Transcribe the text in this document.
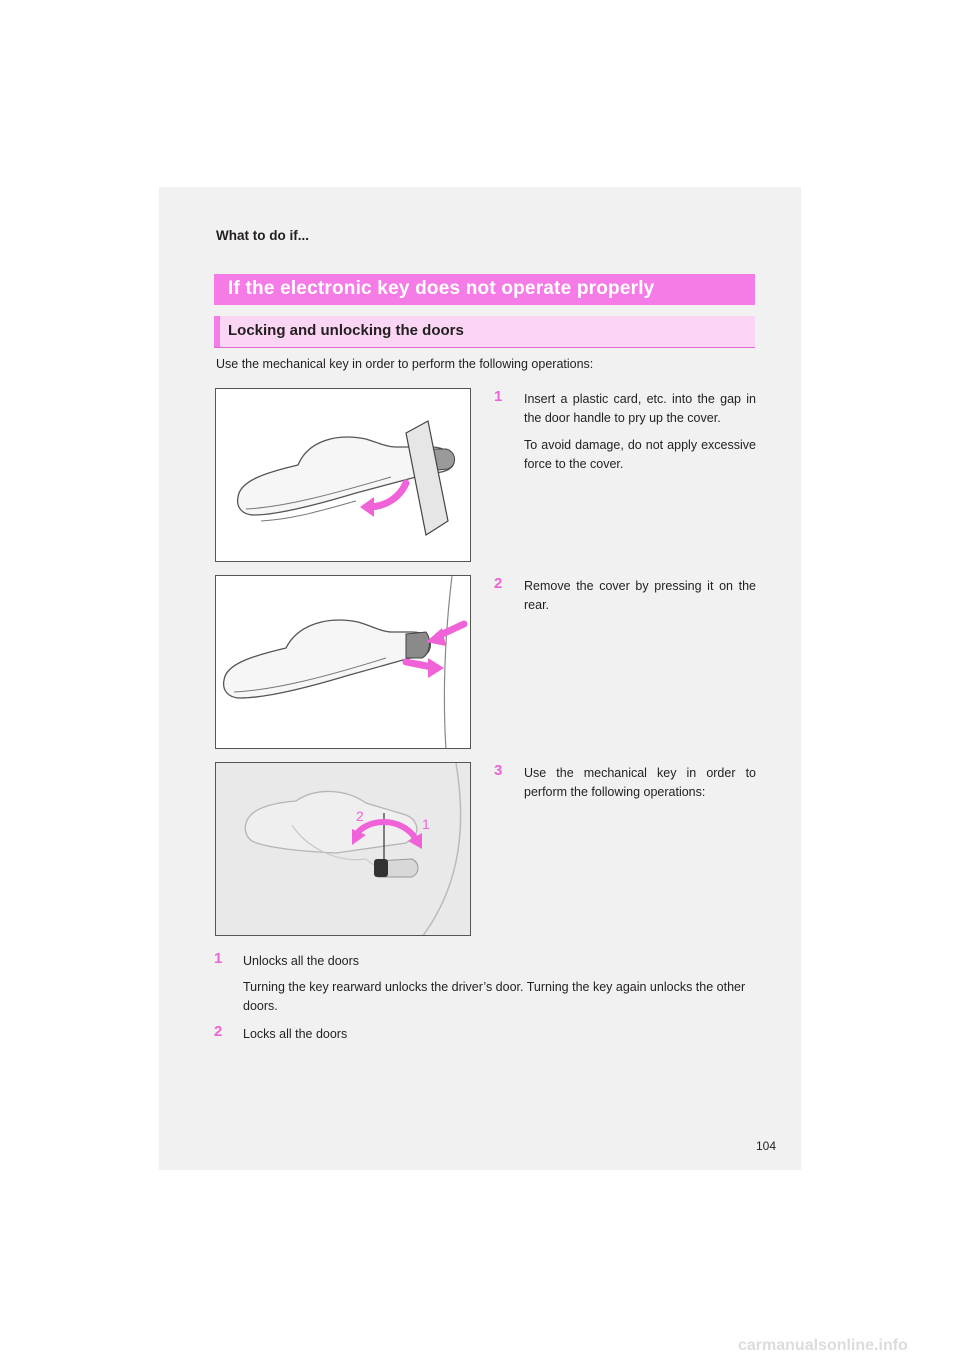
What to do if...
If the electronic key does not operate properly
Locking and unlocking the doors
Use the mechanical key in order to perform the following operations:
1 Insert a plastic card, etc. into the gap in the door handle to pry up the cover.
To avoid damage, do not apply excessive force to the cover.
2 Remove the cover by pressing it on the rear.
1
2
3 Use the mechanical key in order to perform the following operations:
1 Unlocks all the doors
Turning the key rearward unlocks the driver’s door. Turning the key again unlocks the other doors.
2 Locks all the doors
104
carmanualsonline.info
